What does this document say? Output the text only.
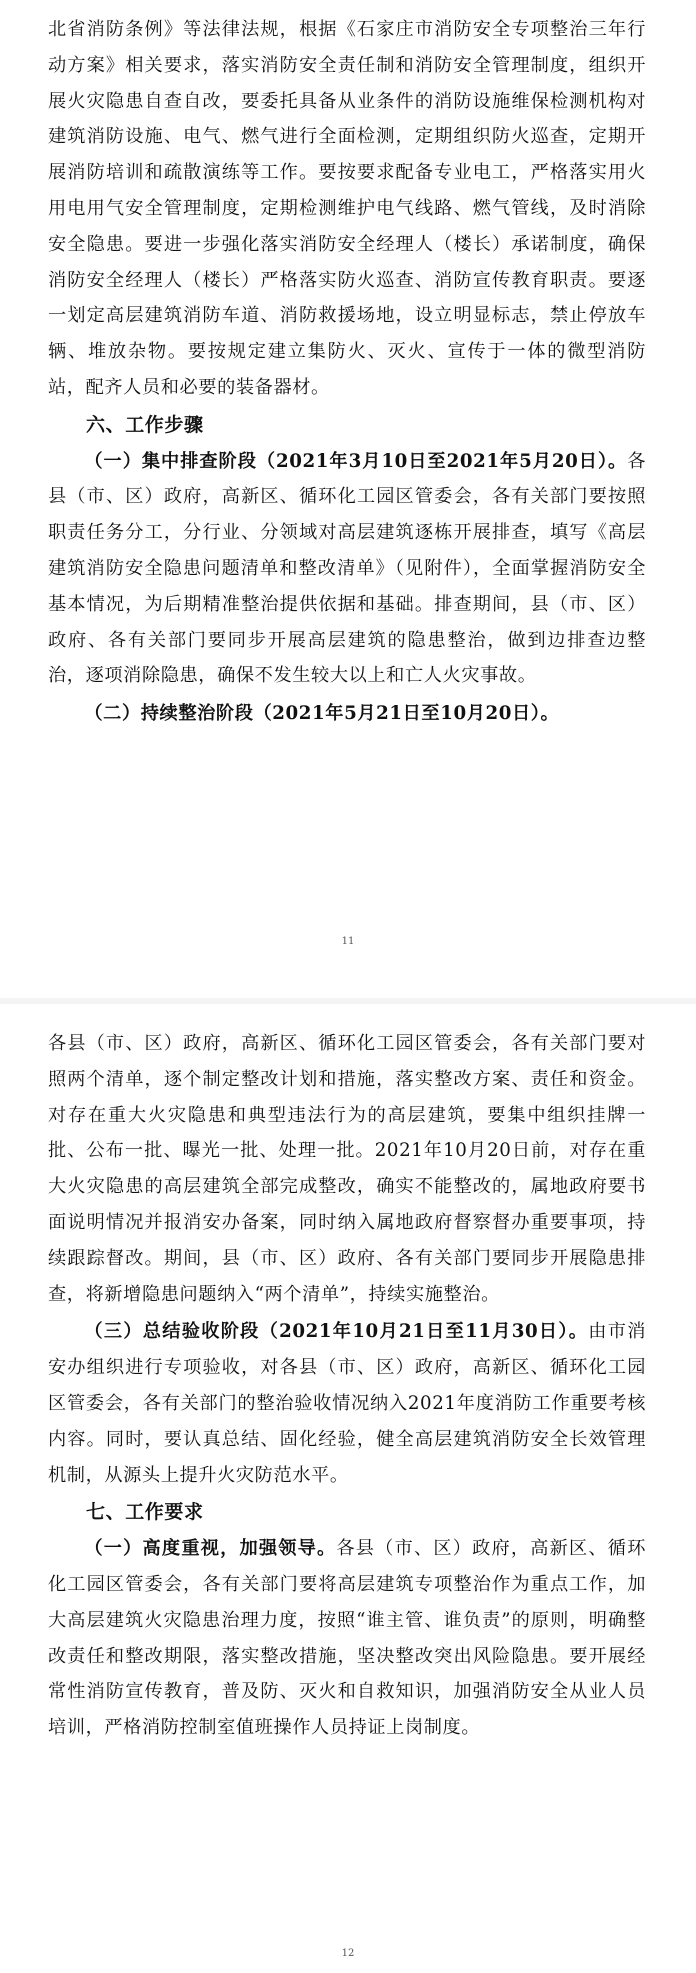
北省消防条例》等法律法规，根据《石家庄市消防安全专项整治三年行动方案》相关要求，落实消防安全责任制和消防安全管理制度，组织开展火灾隐患自查自改，要委托具备从业条件的消防设施维保检测机构对建筑消防设施、电气、燃气进行全面检测，定期组织防火巡查，定期开展消防培训和疏散演练等工作。要按要求配备专业电工，严格落实用火用电用气安全管理制度，定期检测维护电气线路、燃气管线，及时消除安全隐患。要进一步强化落实消防安全经理人（楼长）承诺制度，确保消防安全经理人（楼长）严格落实防火巡查、消防宣传教育职责。要逐一划定高层建筑消防车道、消防救援场地，设立明显标志，禁止停放车辆、堆放杂物。要按规定建立集防火、灭火、宣传于一体的微型消防站，配齐人员和必要的装备器材。

六、工作步骤

（一）集中排查阶段（2021年3月10日至2021年5月20日）。各县（市、区）政府，高新区、循环化工园区管委会，各有关部门要按照职责任务分工，分行业、分领域对高层建筑逐栋开展排查，填写《高层建筑消防安全隐患问题清单和整改清单》（见附件），全面掌握消防安全基本情况，为后期精准整治提供依据和基础。排查期间，县（市、区）政府、各有关部门要同步开展高层建筑的隐患整治，做到边排查边整治，逐项消除隐患，确保不发生较大以上和亡人火灾事故。

（二）持续整治阶段（2021年5月21日至10月20日）。

11

各县（市、区）政府，高新区、循环化工园区管委会，各有关部门要对照两个清单，逐个制定整改计划和措施，落实整改方案、责任和资金。对存在重大火灾隐患和典型违法行为的高层建筑，要集中组织挂牌一批、公布一批、曝光一批、处理一批。2021年10月20日前，对存在重大火灾隐患的高层建筑全部完成整改，确实不能整改的，属地政府要书面说明情况并报消安办备案，同时纳入属地政府督察督办重要事项，持续跟踪督改。期间，县（市、区）政府、各有关部门要同步开展隐患排查，将新增隐患问题纳入“两个清单”，持续实施整治。

（三）总结验收阶段（2021年10月21日至11月30日）。由市消安办组织进行专项验收，对各县（市、区）政府，高新区、循环化工园区管委会，各有关部门的整治验收情况纳入2021年度消防工作重要考核内容。同时，要认真总结、固化经验，健全高层建筑消防安全长效管理机制，从源头上提升火灾防范水平。

七、工作要求

（一）高度重视，加强领导。各县（市、区）政府，高新区、循环化工园区管委会，各有关部门要将高层建筑专项整治作为重点工作，加大高层建筑火灾隐患治理力度，按照“谁主管、谁负责”的原则，明确整改责任和整改期限，落实整改措施，坚决整改突出风险隐患。要开展经常性消防宣传教育，普及防、灭火和自救知识，加强消防安全从业人员培训，严格消防控制室值班操作人员持证上岗制度。

12
